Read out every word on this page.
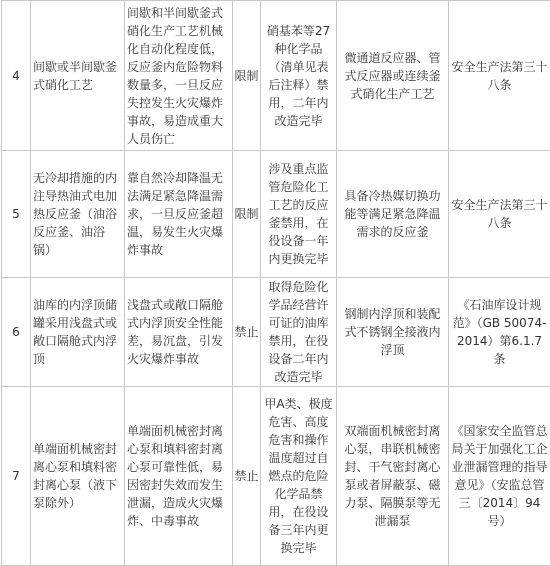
4	间歇或半间歇釜式硝化工艺	间歇和半间歇釜式硝化生产工艺机械化自动化程度低，反应釜内危险物料数量多，一旦反应失控发生火灾爆炸事故，易造成重大人员伤亡	限制	硝基苯等27种化学品（清单见表后注释）禁用，二年内改造完毕	微通道反应器、管式反应器或连续釜式硝化生产工艺	安全生产法第三十八条

5	无冷却措施的内注导热油式电加热反应釜（油浴反应釜、油浴锅）	靠自然冷却降温无法满足紧急降温需求，一旦反应釜超温，易发生火灾爆炸事故	限制	涉及重点监管危险化工工艺的反应釜禁用，在役设备一年内更换完毕	具备冷热媒切换功能等满足紧急降温需求的反应釜	安全生产法第三十八条

6	油库的内浮顶储罐采用浅盘式或敞口隔舱式内浮顶	浅盘式或敞口隔舱式内浮顶安全性能差，易沉盘，引发火灾爆炸事故	禁止	取得危险化学品经营许可证的油库禁用，在役设备二年内改造完毕	钢制内浮顶和装配式不锈钢全接液内浮顶	《石油库设计规范》（GB 50074-2014）第6.1.7条

7	单端面机械密封离心泵和填料密封离心泵（液下泵除外）	单端面机械密封离心泵和填料密封离心泵可靠性低，易因密封失效而发生泄漏，造成火灾爆炸、中毒事故	禁止	甲A类、极度危害、高度危害和操作温度超过自燃点的危险化学品禁用，在役设备三年内更换完毕	双端面机械密封离心泵，串联机械密封、干气密封离心泵或者屏蔽泵、磁力泵、隔膜泵等无泄漏泵	《国家安全监管总局关于加强化工企业泄漏管理的指导意见》（安监总管三〔2014〕94号）
